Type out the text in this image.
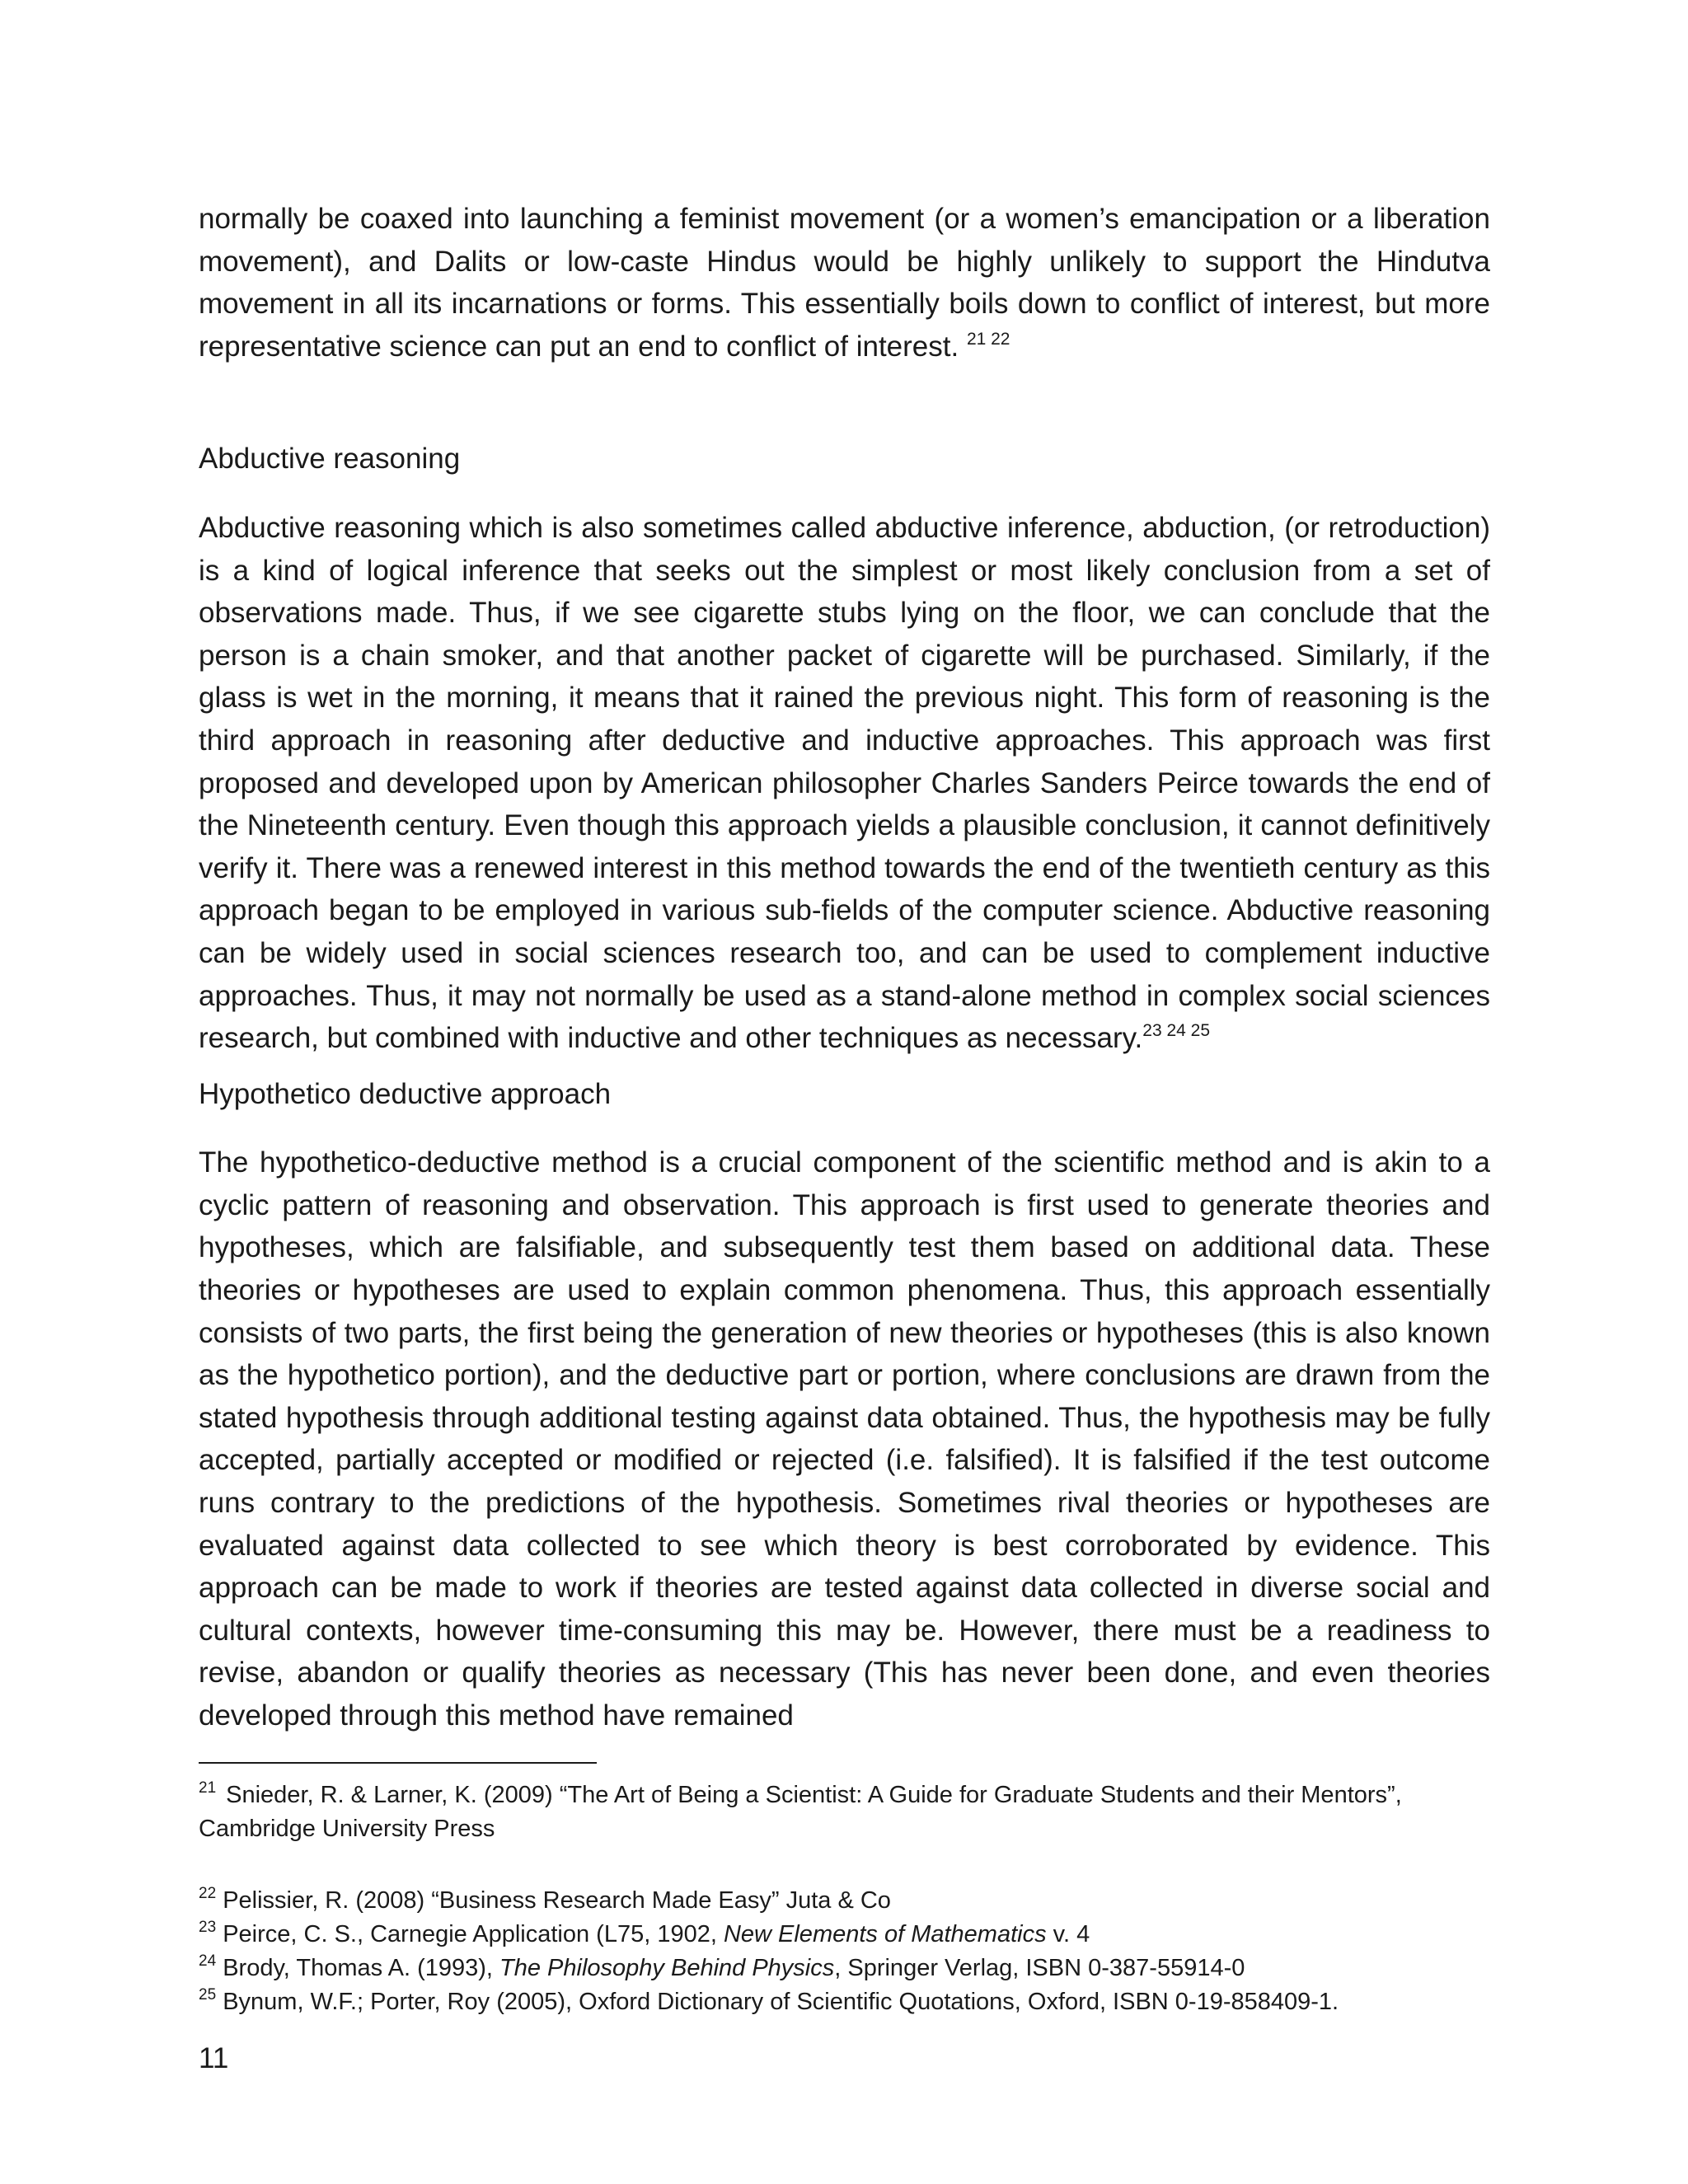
normally be coaxed into launching a feminist movement (or a women’s emancipation or a liberation movement), and Dalits or low-caste Hindus would be highly unlikely to support the Hindutva movement in all its incarnations or forms. This essentially boils down to conflict of interest, but more representative science can put an end to conflict of interest. $^{21 22}$

Abductive reasoning

Abductive reasoning which is also sometimes called abductive inference, abduction, (or retroduction) is a kind of logical inference that seeks out the simplest or most likely conclusion from a set of observations made. Thus, if we see cigarette stubs lying on the floor, we can conclude that the person is a chain smoker, and that another packet of cigarette will be purchased. Similarly, if the glass is wet in the morning, it means that it rained the previous night. This form of reasoning is the third approach in reasoning after deductive and inductive approaches. This approach was first proposed and developed upon by American philosopher Charles Sanders Peirce towards the end of the Nineteenth century. Even though this approach yields a plausible conclusion, it cannot definitively verify it. There was a renewed interest in this method towards the end of the twentieth century as this approach began to be employed in various sub-fields of the computer science. Abductive reasoning can be widely used in social sciences research too, and can be used to complement inductive approaches. Thus, it may not normally be used as a stand-alone method in complex social sciences research, but combined with inductive and other techniques as necessary.$^{23 24 25}$

Hypothetico deductive approach

The hypothetico-deductive method is a crucial component of the scientific method and is akin to a cyclic pattern of reasoning and observation. This approach is first used to generate theories and hypotheses, which are falsifiable, and subsequently test them based on additional data. These theories or hypotheses are used to explain common phenomena. Thus, this approach essentially consists of two parts, the first being the generation of new theories or hypotheses (this is also known as the hypothetico portion), and the deductive part or portion, where conclusions are drawn from the stated hypothesis through additional testing against data obtained. Thus, the hypothesis may be fully accepted, partially accepted or modified or rejected (i.e. falsified). It is falsified if the test outcome runs contrary to the predictions of the hypothesis. Sometimes rival theories or hypotheses are evaluated against data collected to see which theory is best corroborated by evidence. This approach can be made to work if theories are tested against data collected in diverse social and cultural contexts, however time-consuming this may be. However, there must be a readiness to revise, abandon or qualify theories as necessary (This has never been done, and even theories developed through this method have remained

$^{21}$ Snieder, R. & Larner, K. (2009) “The Art of Being a Scientist: A Guide for Graduate Students and their Mentors”, Cambridge University Press

$^{22}$ Pelissier, R. (2008) “Business Research Made Easy” Juta & Co

$^{23}$ Peirce, C. S., Carnegie Application (L75, 1902, New Elements of Mathematics v. 4

$^{24}$ Brody, Thomas A. (1993), The Philosophy Behind Physics, Springer Verlag, ISBN 0-387-55914-0

$^{25}$ Bynum, W.F.; Porter, Roy (2005), Oxford Dictionary of Scientific Quotations, Oxford, ISBN 0-19-858409-1.

11
